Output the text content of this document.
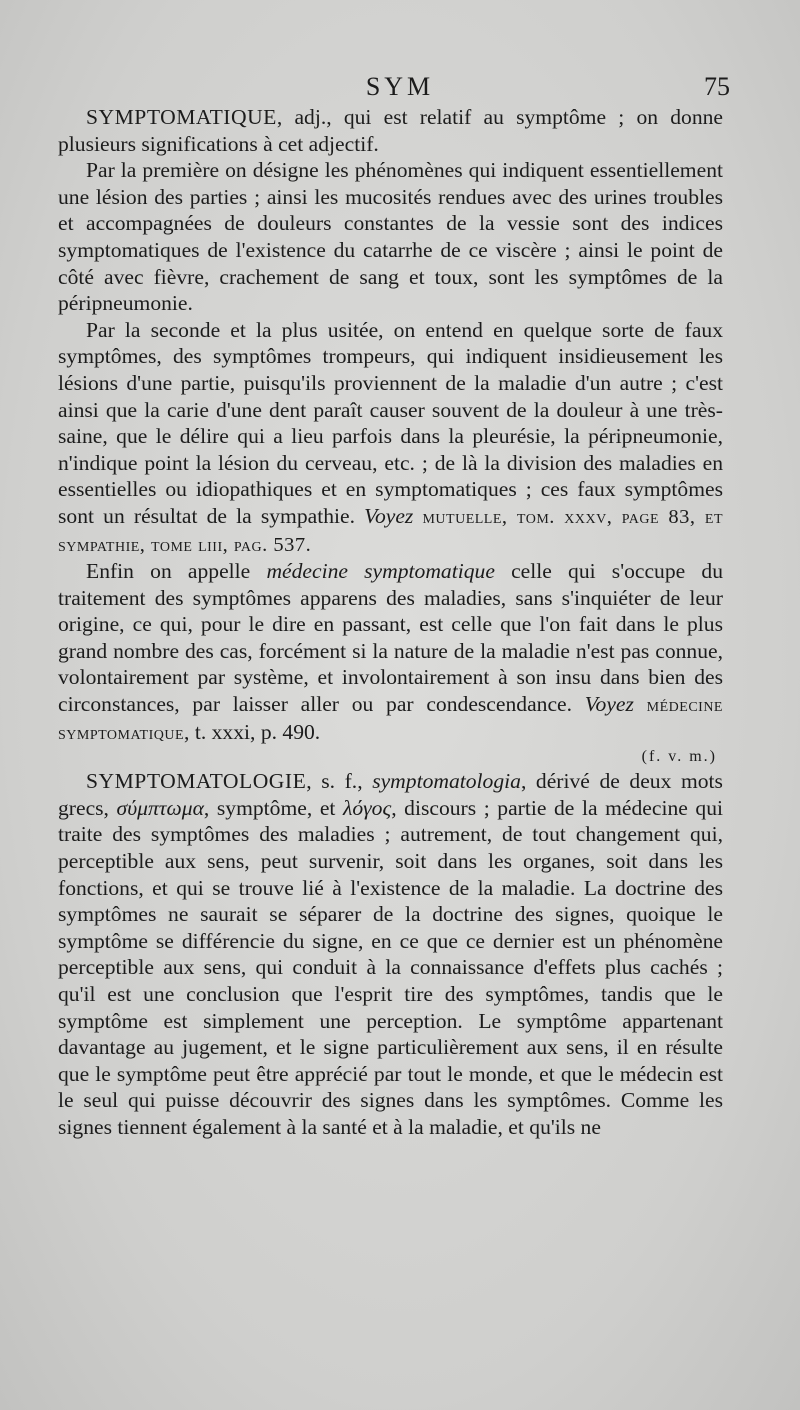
SYM	75

SYMPTOMATIQUE, adj., qui est relatif au symptôme ; on donne plusieurs significations à cet adjectif.

Par la première on désigne les phénomènes qui indiquent essentiellement une lésion des parties ; ainsi les mucosités rendues avec des urines troubles et accompagnées de douleurs constantes de la vessie sont des indices symptomatiques de l'existence du catarrhe de ce viscère ; ainsi le point de côté avec fièvre, crachement de sang et toux, sont les symptômes de la péripneumonie.

Par la seconde et la plus usitée, on entend en quelque sorte de faux symptômes, des symptômes trompeurs, qui indiquent insidieusement les lésions d'une partie, puisqu'ils proviennent de la maladie d'un autre ; c'est ainsi que la carie d'une dent paraît causer souvent de la douleur à une très-saine, que le délire qui a lieu parfois dans la pleurésie, la péripneumonie, n'indique point la lésion du cerveau, etc. ; de là la division des maladies en essentielles ou idiopathiques et en symptomatiques ; ces faux symptômes sont un résultat de la sympathie. Voyez mutuelle, tom. xxxv, page 83, et sympathie, tome liii, pag. 537.

Enfin on appelle médecine symptomatique celle qui s'occupe du traitement des symptômes apparens des maladies, sans s'inquiéter de leur origine, ce qui, pour le dire en passant, est celle que l'on fait dans le plus grand nombre des cas, forcément si la nature de la maladie n'est pas connue, volontairement par système, et involontairement à son insu dans bien des circonstances, par laisser aller ou par condescendance. Voyez médecine symptomatique, t. xxxi, p. 490.

(f. v. m.)

SYMPTOMATOLOGIE, s. f., symptomatologia, dérivé de deux mots grecs, σύμπτωμα, symptôme, et λόγος, discours ; partie de la médecine qui traite des symptômes des maladies ; autrement, de tout changement qui, perceptible aux sens, peut survenir, soit dans les organes, soit dans les fonctions, et qui se trouve lié à l'existence de la maladie. La doctrine des symptômes ne saurait se séparer de la doctrine des signes, quoique le symptôme se différencie du signe, en ce que ce dernier est un phénomène perceptible aux sens, qui conduit à la connaissance d'effets plus cachés ; qu'il est une conclusion que l'esprit tire des symptômes, tandis que le symptôme est simplement une perception. Le symptôme appartenant davantage au jugement, et le signe particulièrement aux sens, il en résulte que le symptôme peut être apprécié par tout le monde, et que le médecin est le seul qui puisse découvrir des signes dans les symptômes. Comme les signes tiennent également à la santé et à la maladie, et qu'ils ne
